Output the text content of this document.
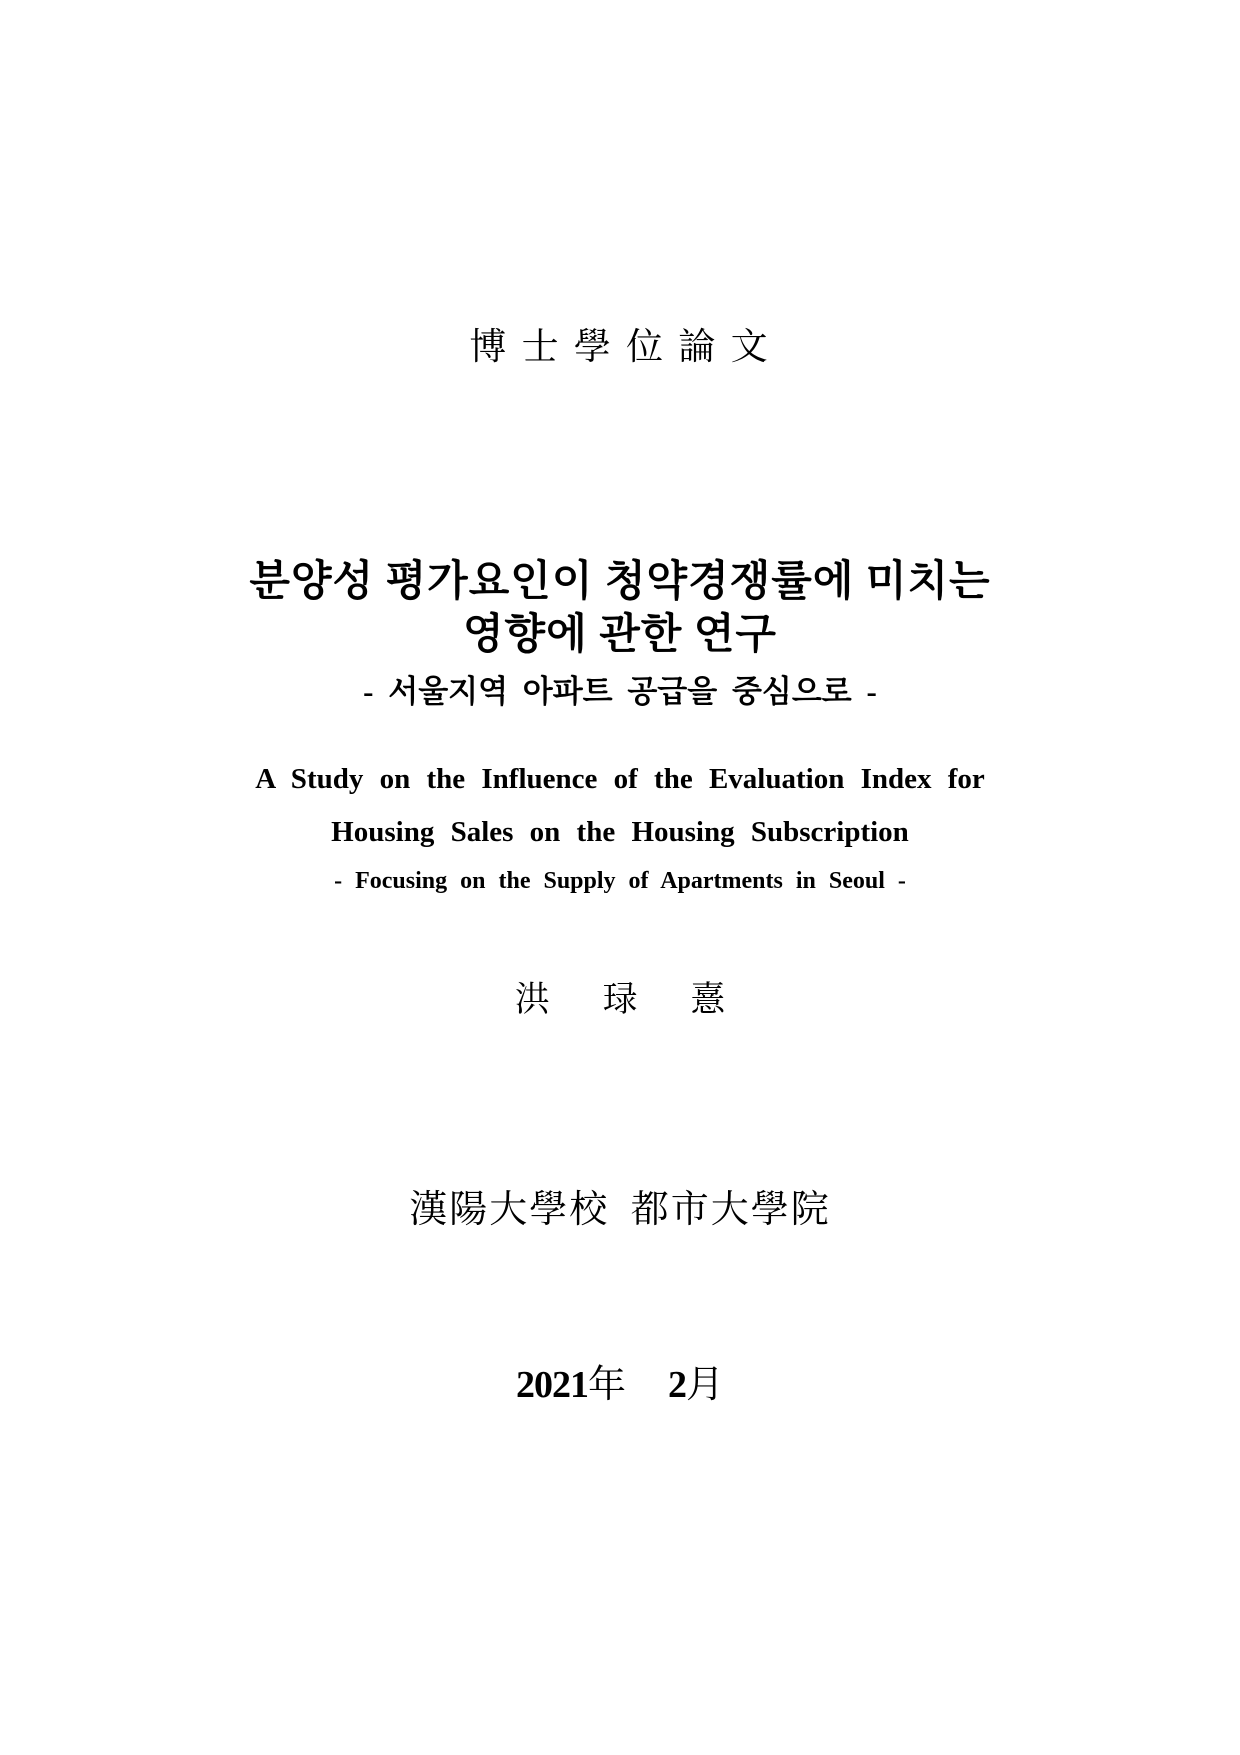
博 士 學 位 論 文
분양성 평가요인이 청약경쟁률에 미치는
영향에 관한 연구
- 서울지역 아파트 공급을 중심으로 -
A Study on the Influence of the Evaluation Index for
Housing Sales on the Housing Subscription
- Focusing on the Supply of Apartments in Seoul -
洪 琭 憙
漢陽大學校 都市大學院
2021年 2月
